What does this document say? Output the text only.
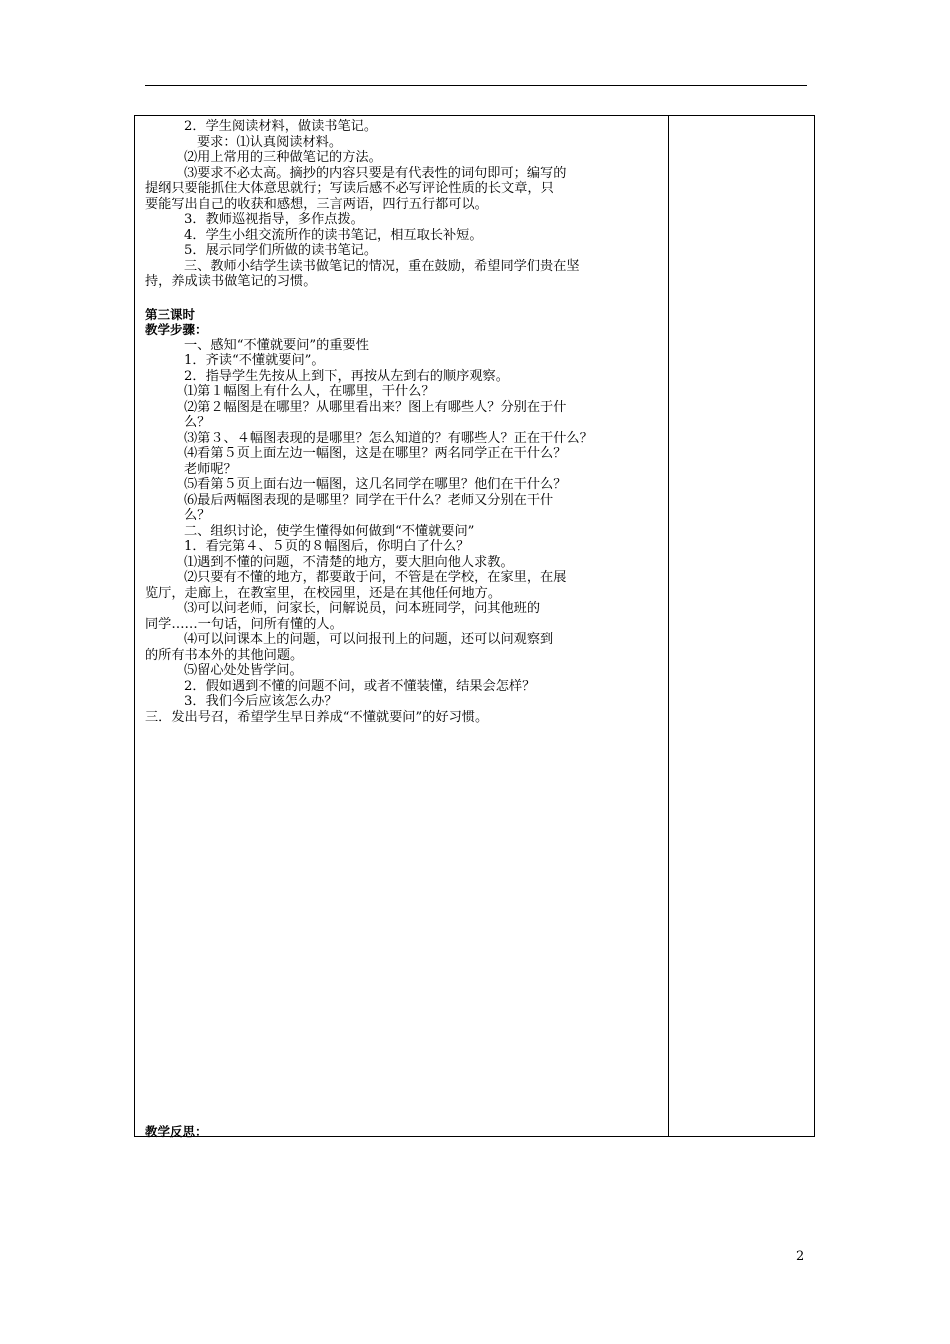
2．学生阅读材料，做读书笔记。

要求：⑴认真阅读材料。

⑵用上常用的三种做笔记的方法。

⑶要求不必太高。摘抄的内容只要是有代表性的词句即可；编写的

提纲只要能抓住大体意思就行；写读后感不必写评论性质的长文章，只

要能写出自己的收获和感想，三言两语，四行五行都可以。

3．教师巡视指导，多作点拨。

4．学生小组交流所作的读书笔记，相互取长补短。

5．展示同学们所做的读书笔记。

三、教师小结学生读书做笔记的情况，重在鼓励，希望同学们贵在坚

持，养成读书做笔记的习惯。

第三课时

教学步骤：

一、感知“不懂就要问”的重要性

1．齐读“不懂就要问”。

2．指导学生先按从上到下，再按从左到右的顺序观察。

⑴第１幅图上有什么人，在哪里，干什么？

⑵第２幅图是在哪里？从哪里看出来？图上有哪些人？分别在于什

么？

⑶第３、４幅图表现的是哪里？怎么知道的？有哪些人？正在干什么？

⑷看第５页上面左边一幅图，这是在哪里？两名同学正在干什么？

老师呢？

⑸看第５页上面右边一幅图，这几名同学在哪里？他们在干什么？

⑹最后两幅图表现的是哪里？同学在干什么？老师又分别在干什

么？

二、组织讨论，使学生懂得如何做到“不懂就要问”

1．看完第４、５页的８幅图后，你明白了什么？

⑴遇到不懂的问题，不清楚的地方，要大胆向他人求教。

⑵只要有不懂的地方，都要敢于问，不管是在学校，在家里，在展

览厅，走廊上，在教室里，在校园里，还是在其他任何地方。

⑶可以问老师，问家长，问解说员，问本班同学，问其他班的

同学……一句话，问所有懂的人。

⑷可以问课本上的问题，可以问报刊上的问题，还可以问观察到

的所有书本外的其他问题。

⑸留心处处皆学问。

2．假如遇到不懂的问题不问，或者不懂装懂，结果会怎样？

3．我们今后应该怎么办？

三．发出号召，希望学生早日养成“不懂就要问”的好习惯。

教学反思：
2
